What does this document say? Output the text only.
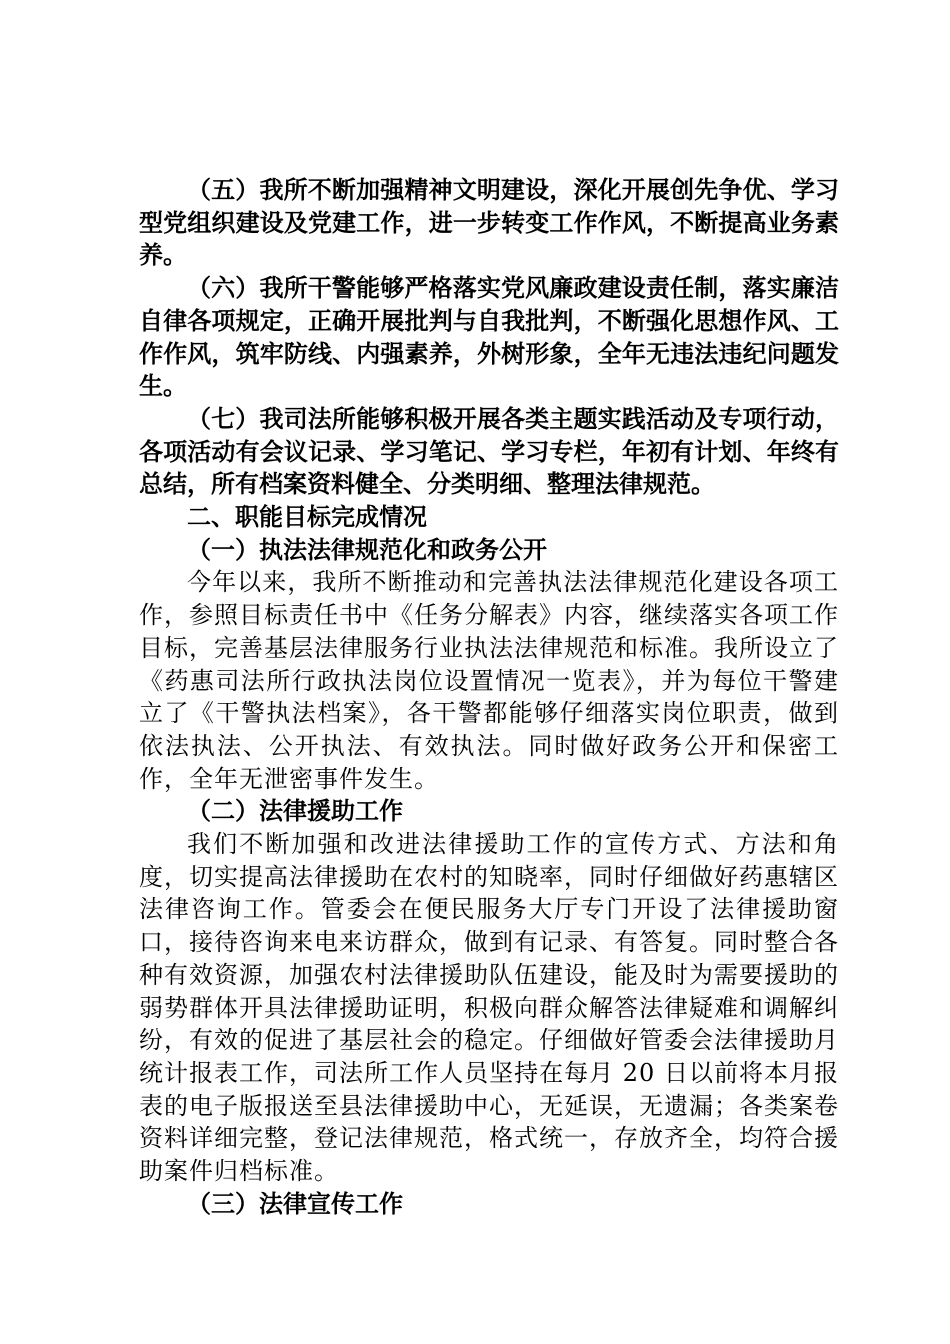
（五）我所不断加强精神文明建设，深化开展创先争优、学习型党组织建设及党建工作，进一步转变工作作风，不断提高业务素养。

（六）我所干警能够严格落实党风廉政建设责任制，落实廉洁自律各项规定，正确开展批判与自我批判，不断强化思想作风、工作作风，筑牢防线、内强素养，外树形象，全年无违法违纪问题发生。

（七）我司法所能够积极开展各类主题实践活动及专项行动，各项活动有会议记录、学习笔记、学习专栏，年初有计划、年终有总结，所有档案资料健全、分类明细、整理法律规范。

二、职能目标完成情况

（一）执法法律规范化和政务公开

今年以来，我所不断推动和完善执法法律规范化建设各项工作，参照目标责任书中《任务分解表》内容，继续落实各项工作目标，完善基层法律服务行业执法法律规范和标准。我所设立了《药惠司法所行政执法岗位设置情况一览表》，并为每位干警建立了《干警执法档案》，各干警都能够仔细落实岗位职责，做到依法执法、公开执法、有效执法。同时做好政务公开和保密工作，全年无泄密事件发生。

（二）法律援助工作

我们不断加强和改进法律援助工作的宣传方式、方法和角度，切实提高法律援助在农村的知晓率，同时仔细做好药惠辖区法律咨询工作。管委会在便民服务大厅专门开设了法律援助窗口，接待咨询来电来访群众，做到有记录、有答复。同时整合各种有效资源，加强农村法律援助队伍建设，能及时为需要援助的弱势群体开具法律援助证明，积极向群众解答法律疑难和调解纠纷，有效的促进了基层社会的稳定。仔细做好管委会法律援助月统计报表工作，司法所工作人员坚持在每月 20 日以前将本月报表的电子版报送至县法律援助中心，无延误，无遗漏；各类案卷资料详细完整，登记法律规范，格式统一，存放齐全，均符合援助案件归档标准。

（三）法律宣传工作
